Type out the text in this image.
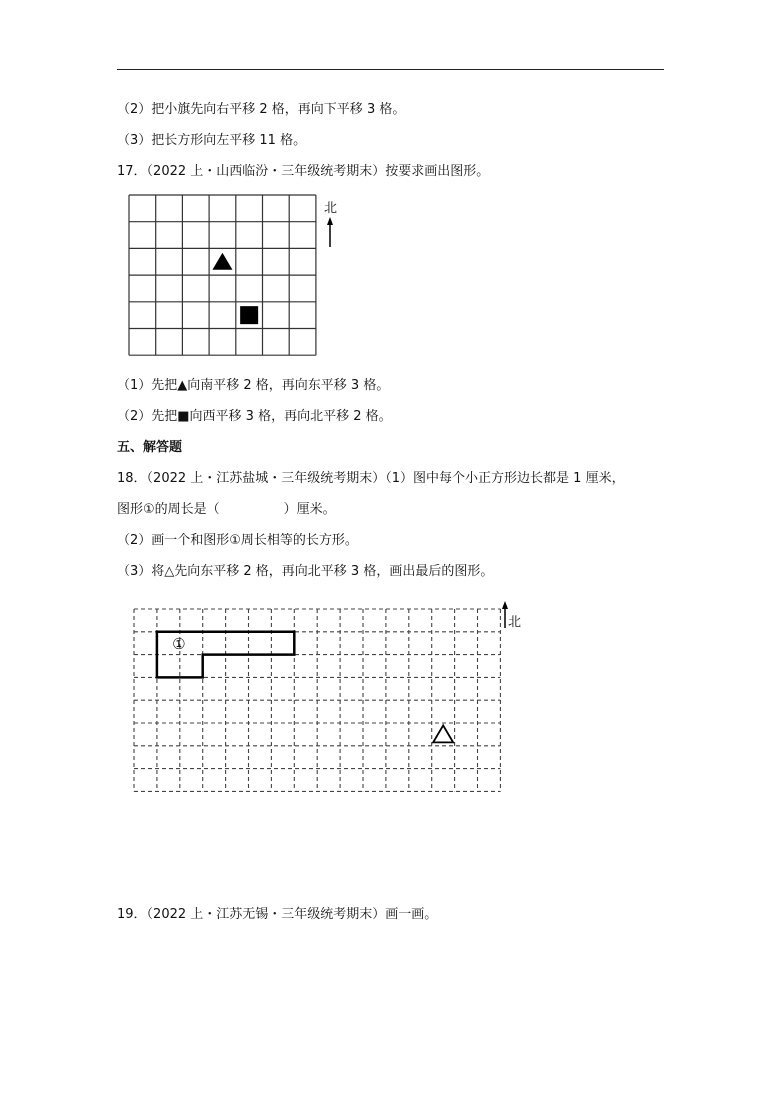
（2）把小旗先向右平移 2 格，再向下平移 3 格。
（3）把长方形向左平移 11 格。
17．（2022 上・山西临汾・三年级统考期末）按要求画出图形。
北
①
北
（1）先把▲向南平移 2 格，再向东平移 3 格。
（2）先把■向西平移 3 格，再向北平移 2 格。
五、解答题
18．（2022 上・江苏盐城・三年级统考期末）（1）图中每个小正方形边长都是 1 厘米，
图形①的周长是（	）厘米。
（2）画一个和图形①周长相等的长方形。
（3）将△先向东平移 2 格，再向北平移 3 格，画出最后的图形。
19．（2022 上・江苏无锡・三年级统考期末）画一画。
